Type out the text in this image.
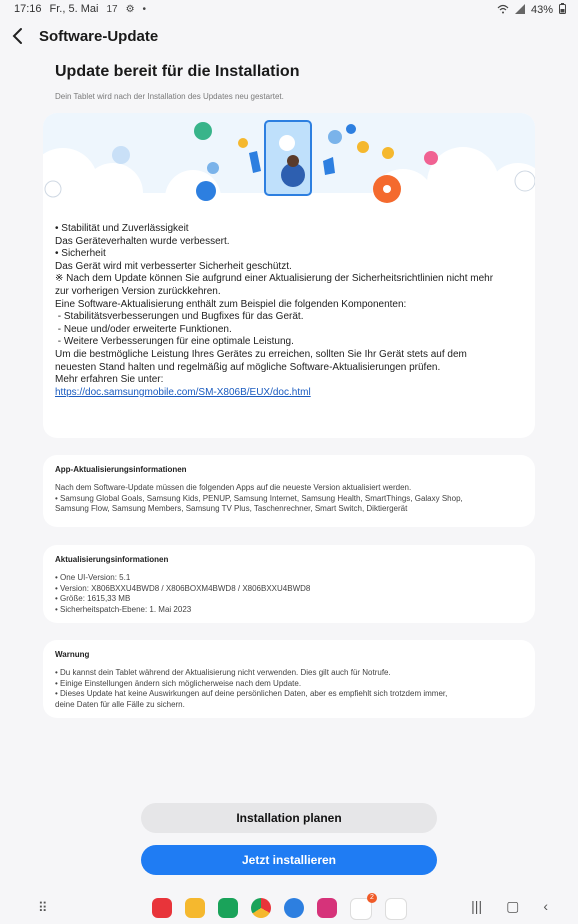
17:16 Fr., 5. Mai 17 ⚙ •	43%
Software-Update
Update bereit für die Installation
Dein Tablet wird nach der Installation des Updates neu gestartet.
• Stabilität und Zuverlässigkeit
Das Geräteverhalten wurde verbessert.
• Sicherheit
Das Gerät wird mit verbesserter Sicherheit geschützt.
※ Nach dem Update können Sie aufgrund einer Aktualisierung der Sicherheitsrichtlinien nicht mehr
zur vorherigen Version zurückkehren.
Eine Software-Aktualisierung enthält zum Beispiel die folgenden Komponenten:
- Stabilitätsverbesserungen und Bugfixes für das Gerät.
- Neue und/oder erweiterte Funktionen.
- Weitere Verbesserungen für eine optimale Leistung.
Um die bestmögliche Leistung Ihres Gerätes zu erreichen, sollten Sie Ihr Gerät stets auf dem
neuesten Stand halten und regelmäßig auf mögliche Software-Aktualisierungen prüfen.
Mehr erfahren Sie unter:
https://doc.samsungmobile.com/SM-X806B/EUX/doc.html
App-Aktualisierungsinformationen
Nach dem Software-Update müssen die folgenden Apps auf die neueste Version aktualisiert werden.
• Samsung Global Goals, Samsung Kids, PENUP, Samsung Internet, Samsung Health, SmartThings, Galaxy Shop,
Samsung Flow, Samsung Members, Samsung TV Plus, Taschenrechner, Smart Switch, Diktiergerät
Aktualisierungsinformationen
• One UI-Version: 5.1
• Version: X806BXXU4BWD8 / X806BOXM4BWD8 / X806BXXU4BWD8
• Größe: 1615,33 MB
• Sicherheitspatch-Ebene: 1. Mai 2023
Warnung
• Du kannst dein Tablet während der Aktualisierung nicht verwenden. Dies gilt auch für Notrufe.
• Einige Einstellungen ändern sich möglicherweise nach dem Update.
• Dieses Update hat keine Auswirkungen auf deine persönlichen Daten, aber es empfiehlt sich trotzdem immer,
deine Daten für alle Fälle zu sichern.
Installation planen
Jetzt installieren
⠿
2
||| ▢ ‹
